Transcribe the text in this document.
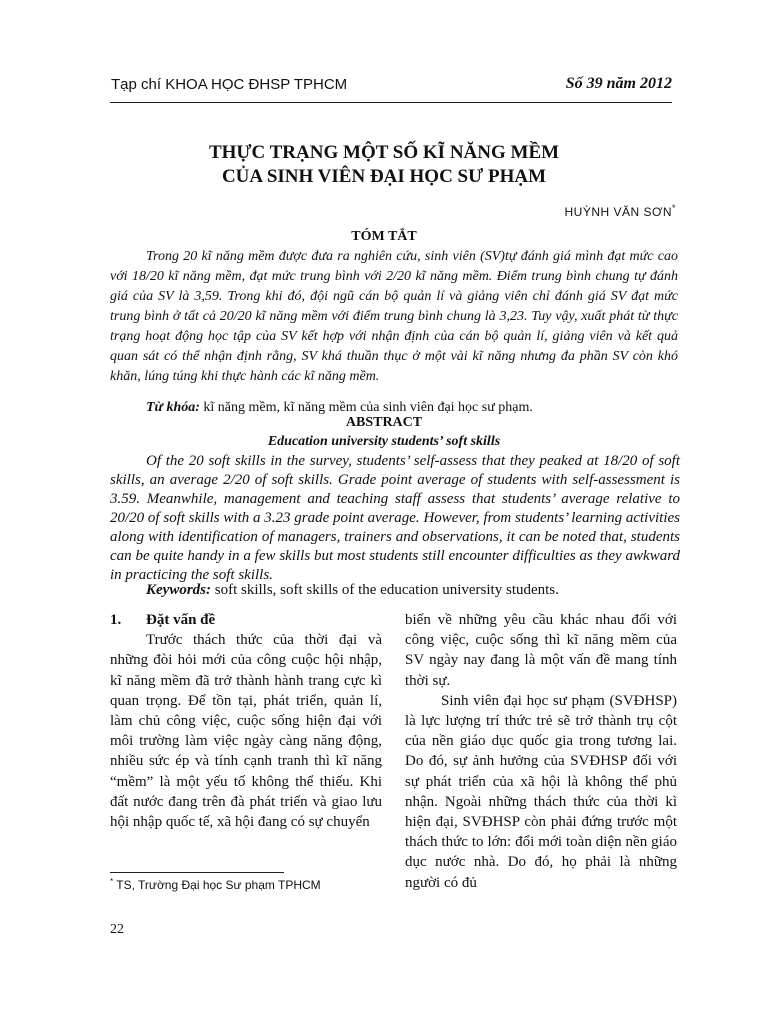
Tạp chí KHOA HỌC ĐHSP TPHCM	Số 39 năm 2012
THỰC TRẠNG MỘT SỐ KĨ NĂNG MỀM
CỦA SINH VIÊN ĐẠI HỌC SƯ PHẠM
HUỲNH VĂN SƠN*
TÓM TẮT
Trong 20 kĩ năng mềm được đưa ra nghiên cứu, sinh viên (SV)tự đánh giá mình đạt mức cao với 18/20 kĩ năng mềm, đạt mức trung bình với 2/20 kĩ năng mềm. Điểm trung bình chung tự đánh giá của SV là 3,59. Trong khi đó, đội ngũ cán bộ quản lí và giảng viên chỉ đánh giá SV đạt mức trung bình ở tất cả 20/20 kĩ năng mềm với điểm trung bình chung là 3,23. Tuy vậy, xuất phát từ thực trạng hoạt động học tập của SV kết hợp với nhận định của cán bộ quản lí, giảng viên và kết quả quan sát có thể nhận định rằng, SV khá thuần thục ở một vài kĩ năng nhưng đa phần SV còn khó khăn, lúng túng khi thực hành các kĩ năng mềm.
Từ khóa: kĩ năng mềm, kĩ năng mềm của sinh viên đại học sư phạm.
ABSTRACT
Education university students’ soft skills
Of the 20 soft skills in the survey, students’ self-assess that they peaked at 18/20 of soft skills, an average 2/20 of soft skills. Grade point average of students with self-assessment is 3.59. Meanwhile, management and teaching staff assess that students’ average relative to 20/20 of soft skills with a 3.23 grade point average. However, from students’ learning activities along with identification of managers, trainers and observations, it can be noted that, students can be quite handy in a few skills but most students still encounter difficulties as they awkward in practicing the soft skills.
Keywords: soft skills, soft skills of the education university students.
1. Đặt vấn đề

Trước thách thức của thời đại và những đòi hỏi mới của công cuộc hội nhập, kĩ năng mềm đã trở thành hành trang cực kì quan trọng. Để tồn tại, phát triển, quản lí, làm chủ công việc, cuộc sống hiện đại với môi trường làm việc ngày càng năng động, nhiều sức ép và tính cạnh tranh thì kĩ năng “mềm” là một yếu tố không thể thiếu. Khi đất nước đang trên đà phát triển và giao lưu hội nhập quốc tế, xã hội đang có sự chuyển

biến về những yêu cầu khác nhau đối với công việc, cuộc sống thì kĩ năng mềm của SV ngày nay đang là một vấn đề mang tính thời sự.

Sinh viên đại học sư phạm (SVĐHSP) là lực lượng trí thức trẻ sẽ trở thành trụ cột của nền giáo dục quốc gia trong tương lai. Do đó, sự ảnh hưởng của SVĐHSP đối với sự phát triển của xã hội là không thể phủ nhận. Ngoài những thách thức của thời kì hiện đại, SVĐHSP còn phải đứng trước một thách thức to lớn: đổi mới toàn diện nền giáo dục nước nhà. Do đó, họ phải là những người có đủ

* TS, Trường Đại học Sư phạm TPHCM
22
